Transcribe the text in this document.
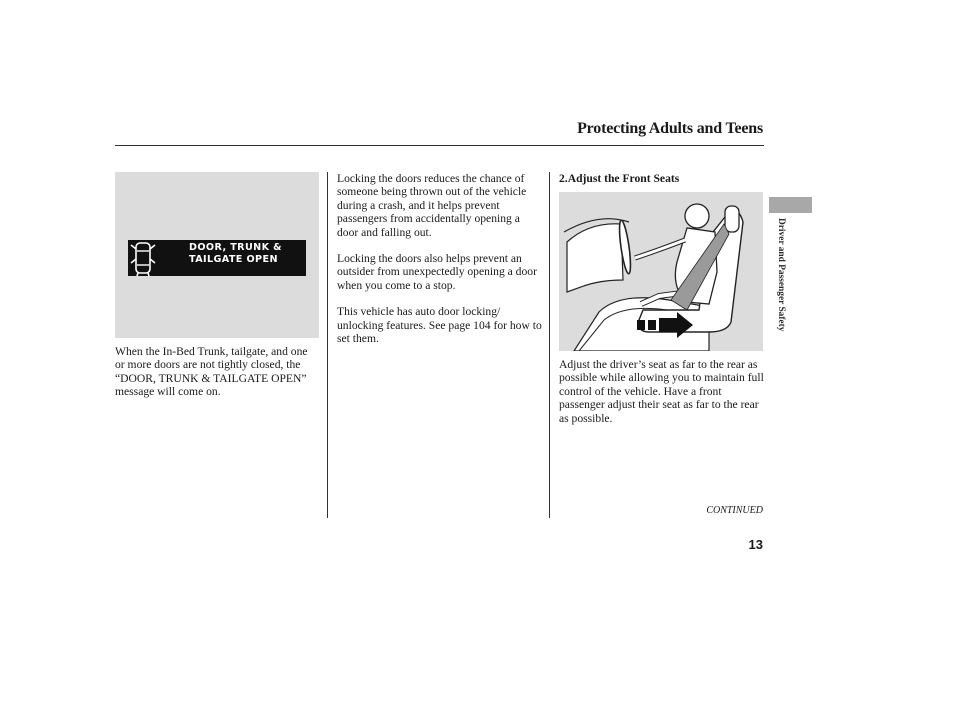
Protecting Adults and Teens
DOOR, TRUNK &
TAILGATE OPEN

When the In-Bed Trunk, tailgate, and one or more doors are not tightly closed, the “DOOR, TRUNK & TAILGATE OPEN” message will come on.

Locking the doors reduces the chance of someone being thrown out of the vehicle during a crash, and it helps prevent passengers from accidentally opening a door and falling out.

Locking the doors also helps prevent an outsider from unexpectedly opening a door when you come to a stop.

This vehicle has auto door locking/ unlocking features. See page 104 for how to set them.

2.Adjust the Front Seats

Adjust the driver’s seat as far to the rear as possible while allowing you to maintain full control of the vehicle. Have a front passenger adjust their seat as far to the rear as possible.

CONTINUED
13
Driver and Passenger Safety
